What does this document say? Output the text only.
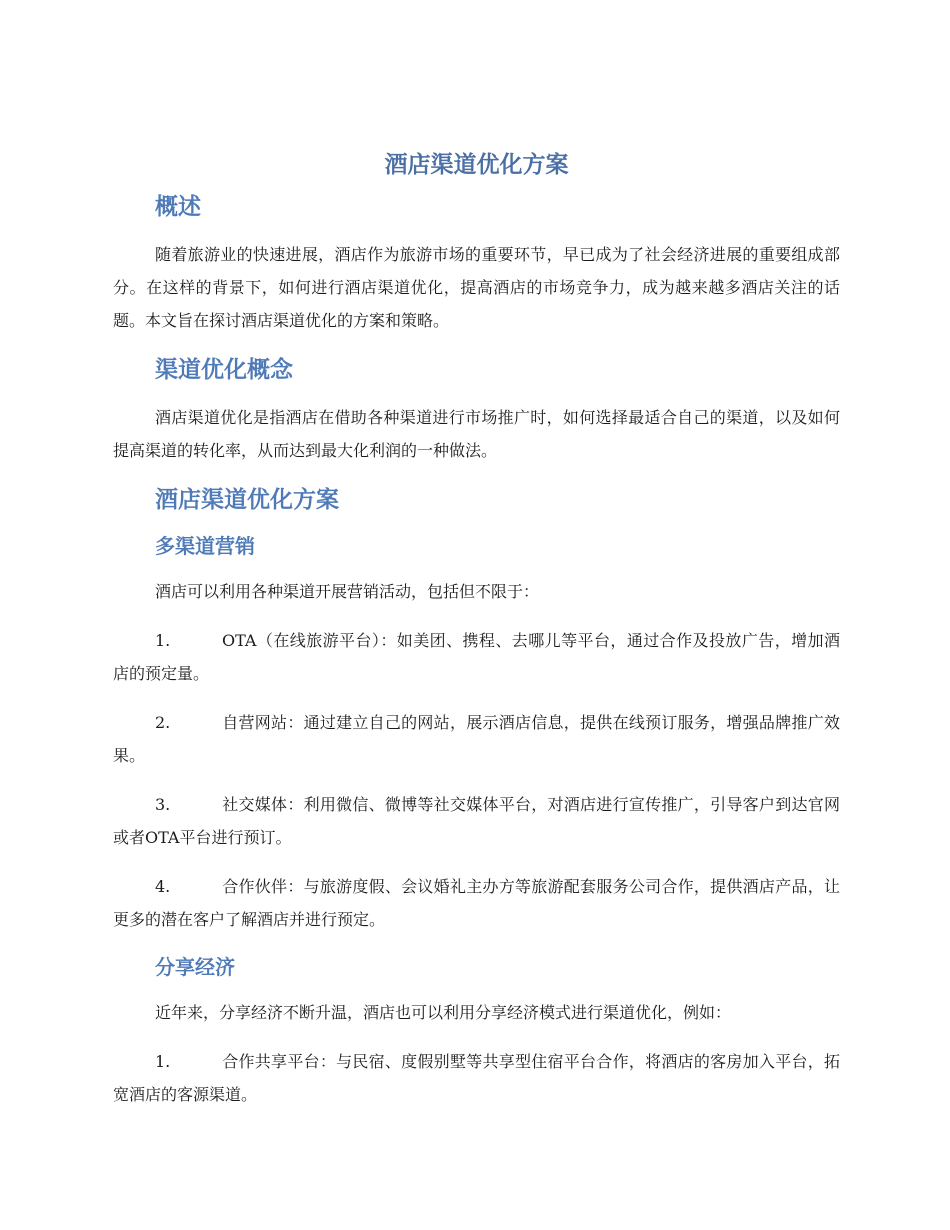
酒店渠道优化方案
概述

随着旅游业的快速进展，酒店作为旅游市场的重要环节，早已成为了社会经济进展的重要组成部分。在这样的背景下，如何进行酒店渠道优化，提高酒店的市场竞争力，成为越来越多酒店关注的话题。本文旨在探讨酒店渠道优化的方案和策略。

渠道优化概念

酒店渠道优化是指酒店在借助各种渠道进行市场推广时，如何选择最适合自己的渠道，以及如何提高渠道的转化率，从而达到最大化利润的一种做法。

酒店渠道优化方案
多渠道营销

酒店可以利用各种渠道开展营销活动，包括但不限于：

1.	OTA（在线旅游平台）：如美团、携程、去哪儿等平台，通过合作及投放广告，增加酒店的预定量。

2.	自营网站：通过建立自己的网站，展示酒店信息，提供在线预订服务，增强品牌推广效果。

3.	社交媒体：利用微信、微博等社交媒体平台，对酒店进行宣传推广，引导客户到达官网或者OTA平台进行预订。

4.	合作伙伴：与旅游度假、会议婚礼主办方等旅游配套服务公司合作，提供酒店产品，让更多的潜在客户了解酒店并进行预定。

分享经济

近年来，分享经济不断升温，酒店也可以利用分享经济模式进行渠道优化，例如：

1.	合作共享平台：与民宿、度假别墅等共享型住宿平台合作，将酒店的客房加入平台，拓宽酒店的客源渠道。
